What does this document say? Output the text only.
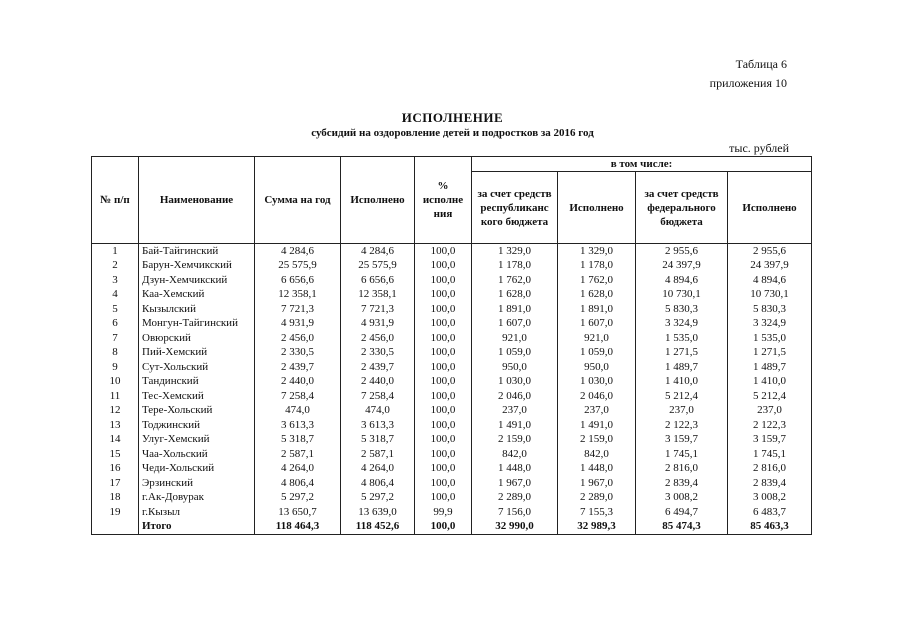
Таблица 6
приложения 10
ИСПОЛНЕНИЕ
субсидий на оздоровление детей и подростков за 2016 год
тыс. рублей
№ п/п	Наименование	Сумма на год	Исполнено	% исполне ния	в том числе:			
					за счет средств республиканс кого бюджета	Исполнено	за счет средств федерального бюджета	Исполнено
1	Бай-Тайгинский	4 284,6	4 284,6	100,0	1 329,0	1 329,0	2 955,6	2 955,6
2	Барун-Хемчикский	25 575,9	25 575,9	100,0	1 178,0	1 178,0	24 397,9	24 397,9
3	Дзун-Хемчикский	6 656,6	6 656,6	100,0	1 762,0	1 762,0	4 894,6	4 894,6
4	Каа-Хемский	12 358,1	12 358,1	100,0	1 628,0	1 628,0	10 730,1	10 730,1
5	Кызылский	7 721,3	7 721,3	100,0	1 891,0	1 891,0	5 830,3	5 830,3
6	Монгун-Тайгинский	4 931,9	4 931,9	100,0	1 607,0	1 607,0	3 324,9	3 324,9
7	Овюрский	2 456,0	2 456,0	100,0	921,0	921,0	1 535,0	1 535,0
8	Пий-Хемский	2 330,5	2 330,5	100,0	1 059,0	1 059,0	1 271,5	1 271,5
9	Сут-Хольский	2 439,7	2 439,7	100,0	950,0	950,0	1 489,7	1 489,7
10	Тандинский	2 440,0	2 440,0	100,0	1 030,0	1 030,0	1 410,0	1 410,0
11	Тес-Хемский	7 258,4	7 258,4	100,0	2 046,0	2 046,0	5 212,4	5 212,4
12	Тере-Хольский	474,0	474,0	100,0	237,0	237,0	237,0	237,0
13	Тоджинский	3 613,3	3 613,3	100,0	1 491,0	1 491,0	2 122,3	2 122,3
14	Улуг-Хемский	5 318,7	5 318,7	100,0	2 159,0	2 159,0	3 159,7	3 159,7
15	Чаа-Хольский	2 587,1	2 587,1	100,0	842,0	842,0	1 745,1	1 745,1
16	Чеди-Хольский	4 264,0	4 264,0	100,0	1 448,0	1 448,0	2 816,0	2 816,0
17	Эрзинский	4 806,4	4 806,4	100,0	1 967,0	1 967,0	2 839,4	2 839,4
18	г.Ак-Довурак	5 297,2	5 297,2	100,0	2 289,0	2 289,0	3 008,2	3 008,2
19	г.Кызыл	13 650,7	13 639,0	99,9	7 156,0	7 155,3	6 494,7	6 483,7
	Итого	118 464,3	118 452,6	100,0	32 990,0	32 989,3	85 474,3	85 463,3
